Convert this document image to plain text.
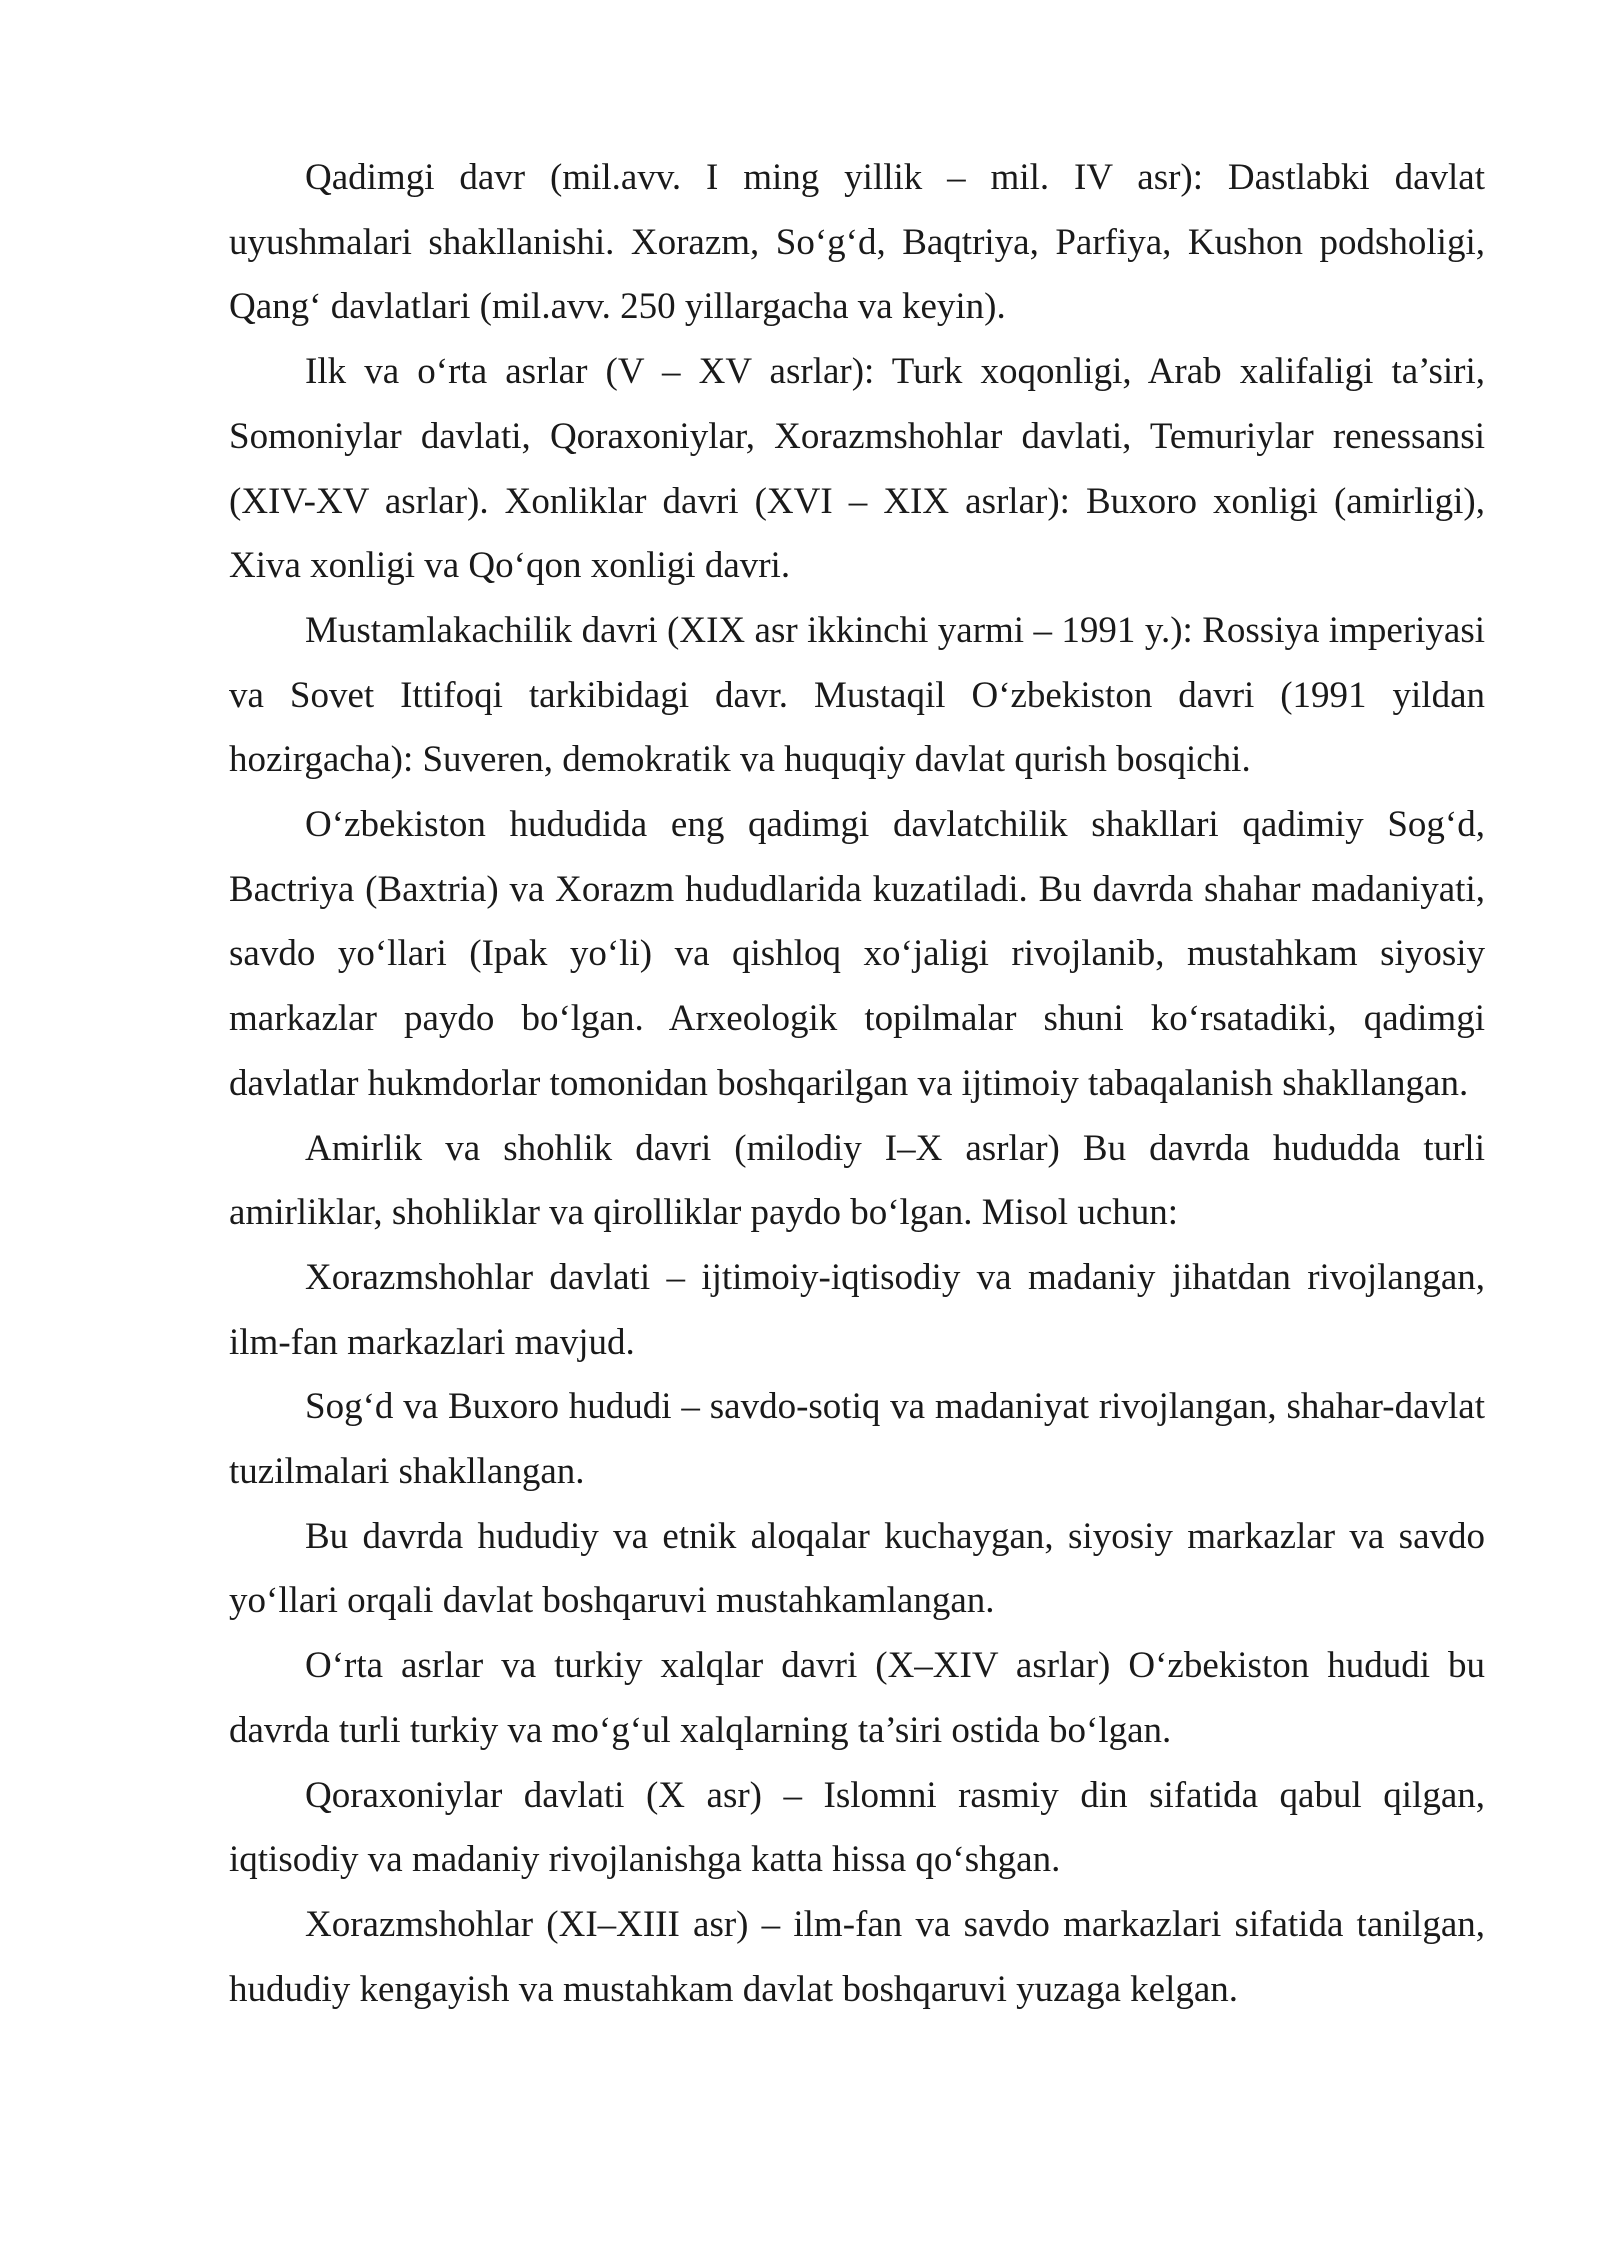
Qadimgi davr (mil.avv. I ming yillik – mil. IV asr): Dastlabki davlat uyushmalari shakllanishi. Xorazm, So‘g‘d, Baqtriya, Parfiya, Kushon podsholigi, Qang‘ davlatlari (mil.avv. 250 yillargacha va keyin).

Ilk va o‘rta asrlar (V – XV asrlar): Turk xoqonligi, Arab xalifaligi ta’siri, Somoniylar davlati, Qoraxoniylar, Xorazmshohlar davlati, Temuriylar renessansi (XIV-XV asrlar). Xonliklar davri (XVI – XIX asrlar): Buxoro xonligi (amirligi), Xiva xonligi va Qo‘qon xonligi davri.

Mustamlakachilik davri (XIX asr ikkinchi yarmi – 1991 y.): Rossiya imperiyasi va Sovet Ittifoqi tarkibidagi davr. Mustaqil O‘zbekiston davri (1991 yildan hozirgacha): Suveren, demokratik va huquqiy davlat qurish bosqichi.

O‘zbekiston hududida eng qadimgi davlatchilik shakllari qadimiy Sog‘d, Bactriya (Baxtria) va Xorazm hududlarida kuzatiladi. Bu davrda shahar madaniyati, savdo yo‘llari (Ipak yo‘li) va qishloq xo‘jaligi rivojlanib, mustahkam siyosiy markazlar paydo bo‘lgan. Arxeologik topilmalar shuni ko‘rsatadiki, qadimgi davlatlar hukmdorlar tomonidan boshqarilgan va ijtimoiy tabaqalanish shakllangan.

Amirlik va shohlik davri (milodiy I–X asrlar) Bu davrda hududda turli amirliklar, shohliklar va qirolliklar paydo bo‘lgan. Misol uchun:

Xorazmshohlar davlati – ijtimoiy-iqtisodiy va madaniy jihatdan rivojlangan, ilm-fan markazlari mavjud.

Sog‘d va Buxoro hududi – savdo-sotiq va madaniyat rivojlangan, shahar-davlat tuzilmalari shakllangan.

Bu davrda hududiy va etnik aloqalar kuchaygan, siyosiy markazlar va savdo yo‘llari orqali davlat boshqaruvi mustahkamlangan.

O‘rta asrlar va turkiy xalqlar davri (X–XIV asrlar) O‘zbekiston hududi bu davrda turli turkiy va mo‘g‘ul xalqlarning ta’siri ostida bo‘lgan.

Qoraxoniylar davlati (X asr) – Islomni rasmiy din sifatida qabul qilgan, iqtisodiy va madaniy rivojlanishga katta hissa qo‘shgan.

Xorazmshohlar (XI–XIII asr) – ilm-fan va savdo markazlari sifatida tanilgan, hududiy kengayish va mustahkam davlat boshqaruvi yuzaga kelgan.
